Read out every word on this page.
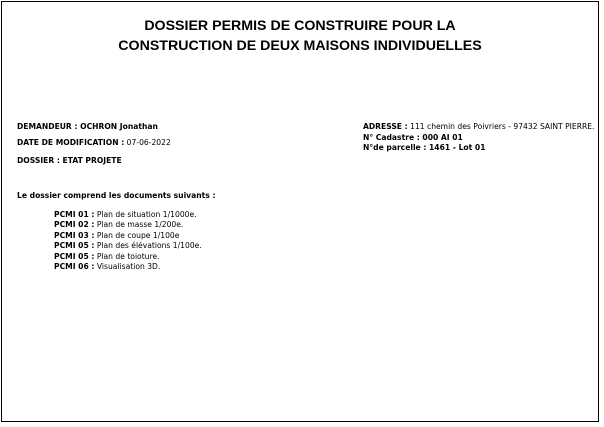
DOSSIER PERMIS DE CONSTRUIRE POUR LA
CONSTRUCTION DE DEUX MAISONS INDIVIDUELLES
DEMANDEUR : OCHRON Jonathan
DATE DE MODIFICATION : 07-06-2022
DOSSIER : ETAT PROJETE
ADRESSE : 111 chemin des Poivriers - 97432 SAINT PIERRE.
N° Cadastre : 000 AI 01
N°de parcelle : 1461 - Lot 01
Le dossier comprend les documents suivants :
PCMI 01 : Plan de situation 1/1000e.
PCMI 02 : Plan de masse 1/200e.
PCMI 03 : Plan de coupe 1/100e
PCMI 05 : Plan des élévations 1/100e.
PCMI 05 : Plan de toioture.
PCMI 06 : Visualisation 3D.
